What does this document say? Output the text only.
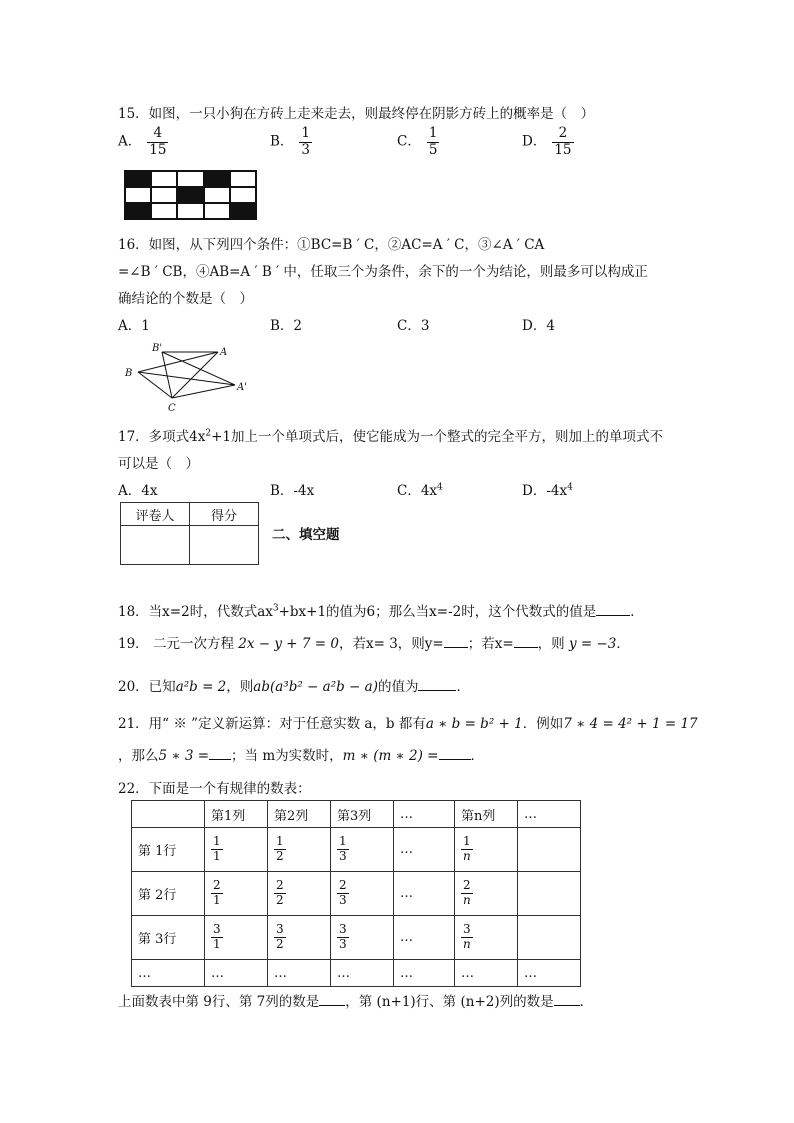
15．如图，一只小狗在方砖上走来走去，则最终停在阴影方砖上的概率是（　）
A． $\frac{4}{15}$	B． $\frac{1}{3}$	C． $\frac{1}{5}$	D． $\frac{2}{15}$
16．如图，从下列四个条件：①BC=B ′ C，②AC=A ′ C，③∠A ′ CA
=∠B ′ CB，④AB=A ′ B ′ 中，任取三个为条件，余下的一个为结论，则最多可以构成正
确结论的个数是（　）
A．1	B．2	C．3	D．4
B'	A
B
A'
C
17．多项式$4x^2+1$加上一个单项式后，使它能成为一个整式的完全平方，则加上的单项式不
可以是（　）
A．4x	B．-4x	C．$4x^4$	D．$-4x^4$
评卷人	得分

二、填空题
18．当x=2时，代数式$ax^3+bx+1$的值为6；那么当x=-2时，这个代数式的值是	．
19． 二元一次方程 2x − y + 7 = 0，若x= 3，则y= ；若x= ，则 y = −3．
20．已知a²b = 2，则ab(a³b² − a²b − a)的值为	．
21．用“ ※ ”定义新运算：对于任意实数 a，b 都有a ∗ b = b² + 1．例如7 ∗ 4 = 4² + 1 = 17
，那么5 ∗ 3 = ；当 m为实数时，m ∗ (m ∗ 2) = ．
22．下面是一个有规律的数表：
	第1列	第2列	第3列	…	第n列	…
第 1行	$\frac{1}{1}$	$\frac{1}{2}$	$\frac{1}{3}$	…	$\frac{1}{n}$

第 2行	$\frac{2}{1}$	$\frac{2}{2}$	$\frac{2}{3}$	…	$\frac{2}{n}$

第 3行	$\frac{3}{1}$	$\frac{3}{2}$	$\frac{3}{3}$	…	$\frac{3}{n}$

…	…	…	…	…	…	…
上面数表中第 9行、第 7列的数是 ，第 (n+1)行、第 (n+2)列的数是 ．
